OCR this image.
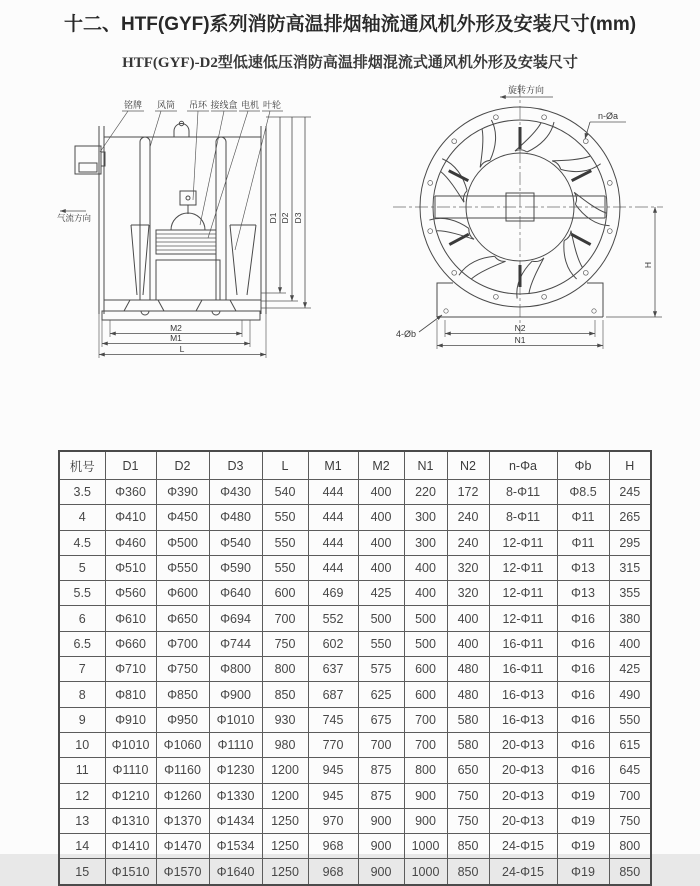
十二、HTF(GYF)系列消防高温排烟轴流通风机外形及安装尺寸(mm)
HTF(GYF)-D2型低速低压消防高温排烟混流式通风机外形及安装尺寸
铭牌 风筒 吊环 接线盒 电机 叶轮
气流方向
M2
M1
L
D1 D2 D3
旋转方向
n-Øa
4-Øb
N2
N1
H
机号	D1	D2	D3	L	M1	M2	N1	N2	n-Φa	Φb	H
3.5	Φ360	Φ390	Φ430	540	444	400	220	172	8-Φ11	Φ8.5	245
4	Φ410	Φ450	Φ480	550	444	400	300	240	8-Φ11	Φ11	265
4.5	Φ460	Φ500	Φ540	550	444	400	300	240	12-Φ11	Φ11	295
5	Φ510	Φ550	Φ590	550	444	400	400	320	12-Φ11	Φ13	315
5.5	Φ560	Φ600	Φ640	600	469	425	400	320	12-Φ11	Φ13	355
6	Φ610	Φ650	Φ694	700	552	500	500	400	12-Φ11	Φ16	380
6.5	Φ660	Φ700	Φ744	750	602	550	500	400	16-Φ11	Φ16	400
7	Φ710	Φ750	Φ800	800	637	575	600	480	16-Φ11	Φ16	425
8	Φ810	Φ850	Φ900	850	687	625	600	480	16-Φ13	Φ16	490
9	Φ910	Φ950	Φ1010	930	745	675	700	580	16-Φ13	Φ16	550
10	Φ1010	Φ1060	Φ1110	980	770	700	700	580	20-Φ13	Φ16	615
11	Φ1110	Φ1160	Φ1230	1200	945	875	800	650	20-Φ13	Φ16	645
12	Φ1210	Φ1260	Φ1330	1200	945	875	900	750	20-Φ13	Φ19	700
13	Φ1310	Φ1370	Φ1434	1250	970	900	900	750	20-Φ13	Φ19	750
14	Φ1410	Φ1470	Φ1534	1250	968	900	1000	850	24-Φ15	Φ19	800
15	Φ1510	Φ1570	Φ1640	1250	968	900	1000	850	24-Φ15	Φ19	850
